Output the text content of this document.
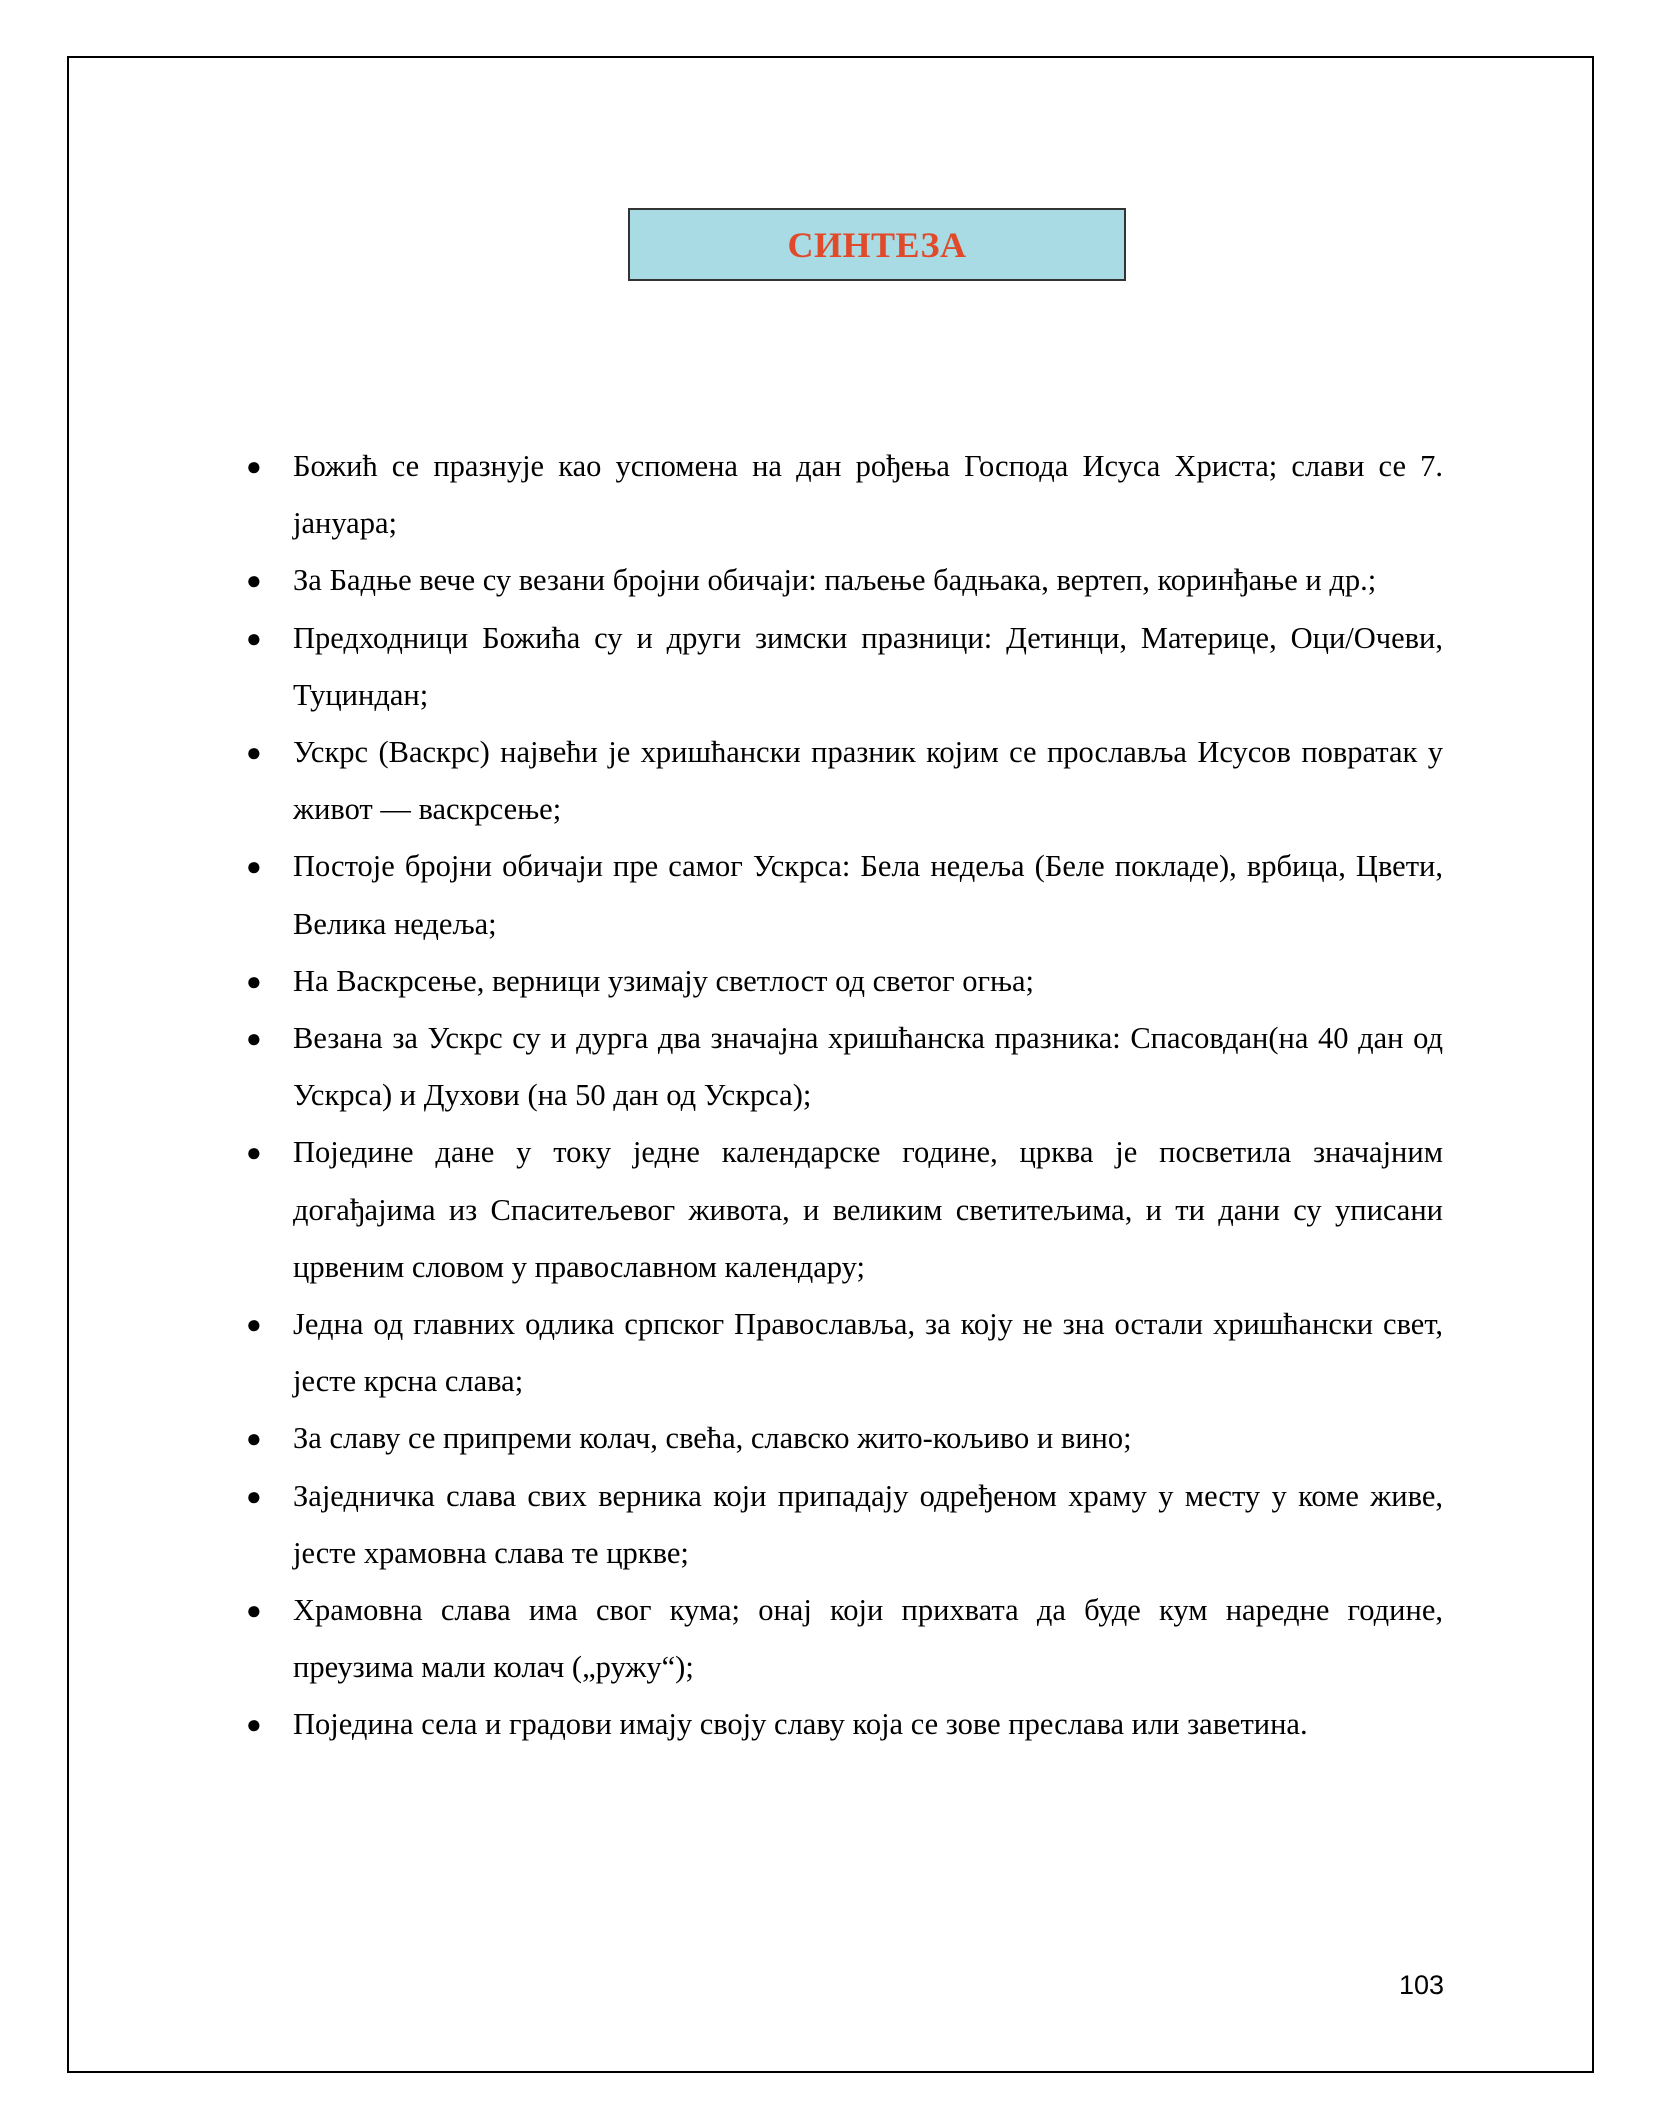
СИНТЕЗА
● Божић се празнује као успомена на дан рођења Господа Исуса Христа; слави се 7. јануара;
● За Бадње вече су везани бројни обичаји: паљење бадњака, вертеп, коринђање и др.;
● Предходници Божића су и други зимски празници: Детинци, Материце, Оци/Очеви, Туциндан;
● Ускрс (Васкрс) највећи је хришћански празник којим се прославља Исусов повратак у живот — васкрсење;
● Постоје бројни обичаји пре самог Ускрса: Бела недеља (Беле покладе), врбица, Цвети, Велика недеља;
● На Васкрсење, верници узимају светлост од светог огња;
● Везана за Ускрс су и дурга два значајна хришћанска празника: Спасовдан(на 40 дан од Ускрса) и Духови (на 50 дан од Ускрса);
● Поједине дане у току једне календарске године, црква је посветила значајним догађајима из Спаситељевог живота, и великим светитељима, и ти дани су уписани црвеним словом у православном календару;
● Једна од главних одлика српског Православља, за коју не зна остали хришћански свет, јесте крсна слава;
● За славу се припреми колач, свећа, славско жито-кољиво и вино;
● Заједничка слава свих верника који припадају одређеном храму у месту у коме живе, јесте храмовна слава те цркве;
● Храмовна слава има свог кума; онај који прихвата да буде кум наредне године, преузима мали колач („ружу“);
● Поједина села и градови имају своју славу која се зове преслава или заветина.
103
